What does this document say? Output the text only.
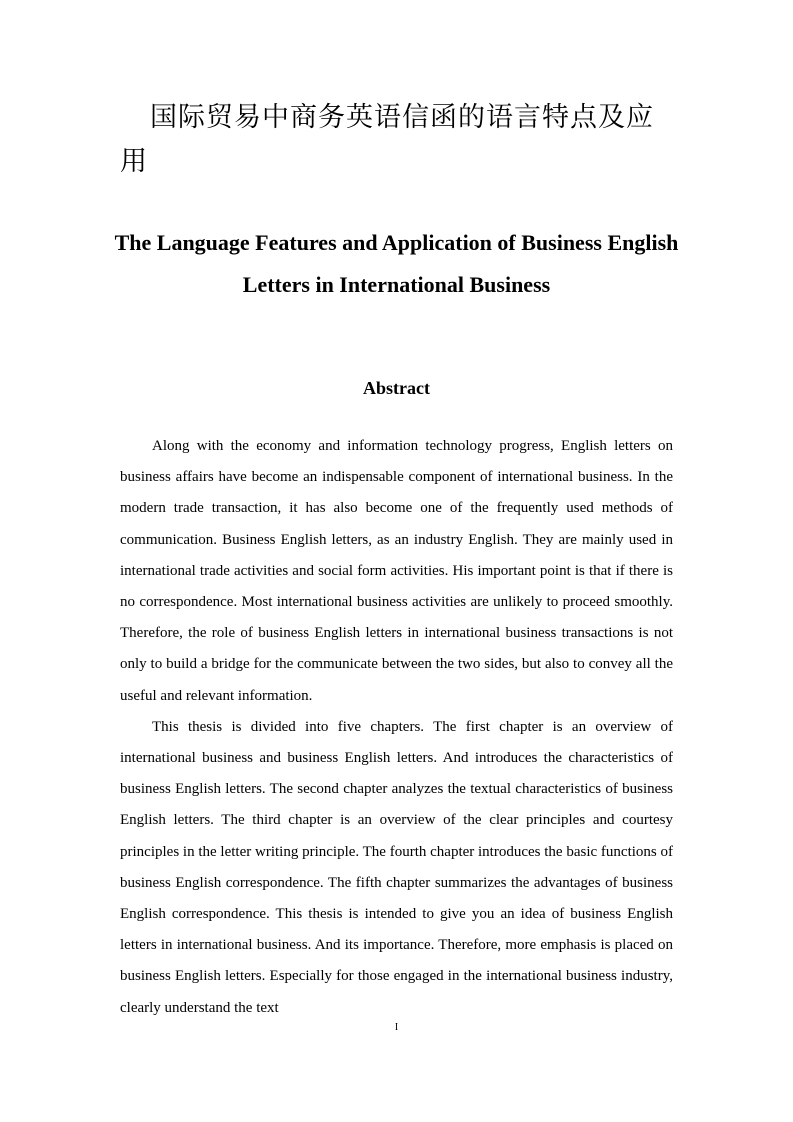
国际贸易中商务英语信函的语言特点及应用
The Language Features and Application of Business English Letters in International Business
Abstract

Along with the economy and information technology progress, English letters on business affairs have become an indispensable component of international business. In the modern trade transaction, it has also become one of the frequently used methods of communication. Business English letters, as an industry English. They are mainly used in international trade activities and social form activities. His important point is that if there is no correspondence. Most international business activities are unlikely to proceed smoothly. Therefore, the role of business English letters in international business transactions is not only to build a bridge for the communicate between the two sides, but also to convey all the useful and relevant information.

This thesis is divided into five chapters. The first chapter is an overview of international business and business English letters. And introduces the characteristics of business English letters. The second chapter analyzes the textual characteristics of business English letters. The third chapter is an overview of the clear principles and courtesy principles in the letter writing principle. The fourth chapter introduces the basic functions of business English correspondence. The fifth chapter summarizes the advantages of business English correspondence. This thesis is intended to give you an idea of business English letters in international business. And its importance. Therefore, more emphasis is placed on business English letters. Especially for those engaged in the international business industry, clearly understand the text

I
